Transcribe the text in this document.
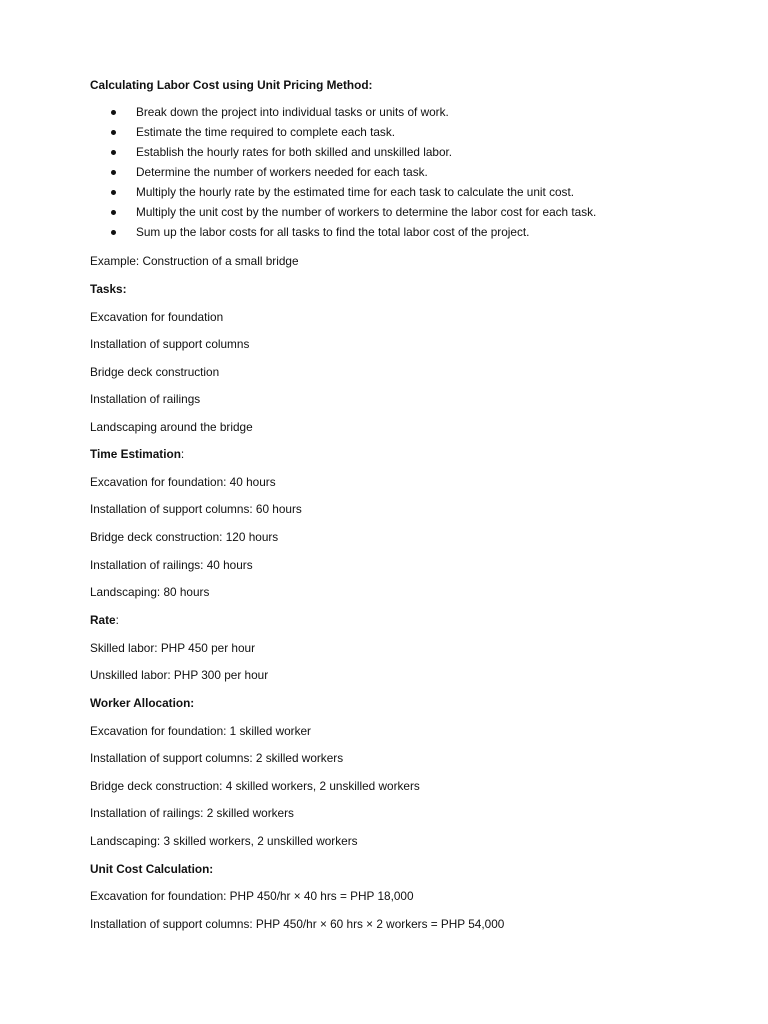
Calculating Labor Cost using Unit Pricing Method:
Break down the project into individual tasks or units of work.
Estimate the time required to complete each task.
Establish the hourly rates for both skilled and unskilled labor.
Determine the number of workers needed for each task.
Multiply the hourly rate by the estimated time for each task to calculate the unit cost.
Multiply the unit cost by the number of workers to determine the labor cost for each task.
Sum up the labor costs for all tasks to find the total labor cost of the project.
Example: Construction of a small bridge
Tasks:
Excavation for foundation
Installation of support columns
Bridge deck construction
Installation of railings
Landscaping around the bridge
Time Estimation:
Excavation for foundation: 40 hours
Installation of support columns: 60 hours
Bridge deck construction: 120 hours
Installation of railings: 40 hours
Landscaping: 80 hours
Rate:
Skilled labor: PHP 450 per hour
Unskilled labor: PHP 300 per hour
Worker Allocation:
Excavation for foundation: 1 skilled worker
Installation of support columns: 2 skilled workers
Bridge deck construction: 4 skilled workers, 2 unskilled workers
Installation of railings: 2 skilled workers
Landscaping: 3 skilled workers, 2 unskilled workers
Unit Cost Calculation:
Excavation for foundation: PHP 450/hr × 40 hrs = PHP 18,000
Installation of support columns: PHP 450/hr × 60 hrs × 2 workers = PHP 54,000
